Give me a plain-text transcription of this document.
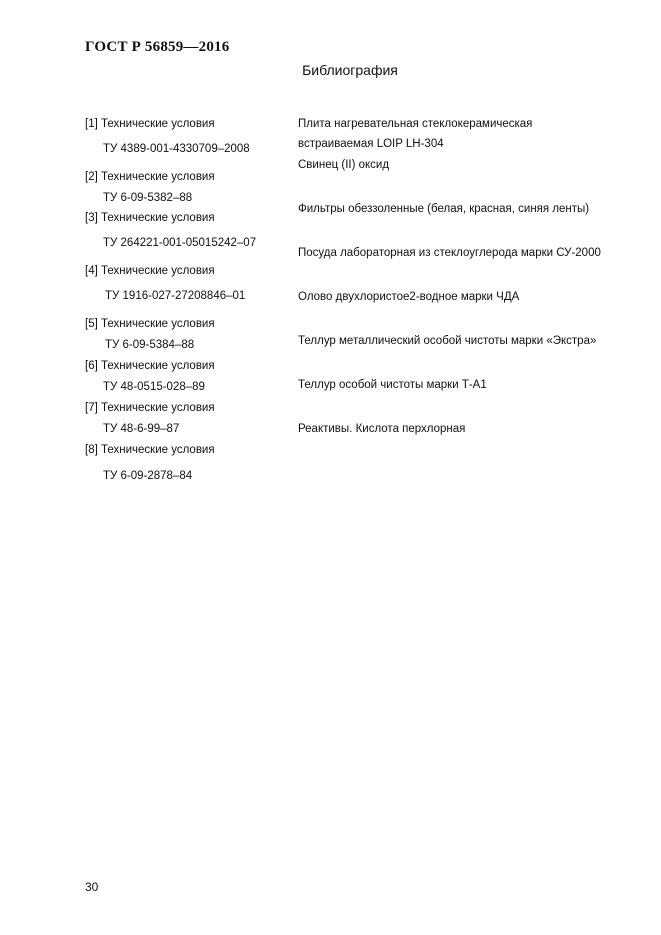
ГОСТ Р 56859—2016
Библиография
[1] Технические условия
ТУ 4389-001-4330709–2008
[2] Технические условия
ТУ 6-09-5382–88
[3] Технические условия
ТУ 264221-001-05015242–07
[4] Технические условия
ТУ 1916-027-27208846–01
[5] Технические условия
ТУ 6-09-5384–88
[6] Технические условия
ТУ 48-0515-028–89
[7] Технические условия
ТУ 48-6-99–87
[8] Технические условия
ТУ 6-09-2878–84
Плита нагревательная стеклокерамическая
встраиваемая LOIP LH-304
Свинец (II) оксид
Фильтры обеззоленные (белая, красная, синяя ленты)
Посуда лабораторная из стеклоуглерода марки СУ-2000
Олово двухлористое2-водное марки ЧДА
Теллур металлический особой чистоты марки «Экстра»
Теллур особой чистоты марки Т-А1
Реактивы. Кислота перхлорная
30
